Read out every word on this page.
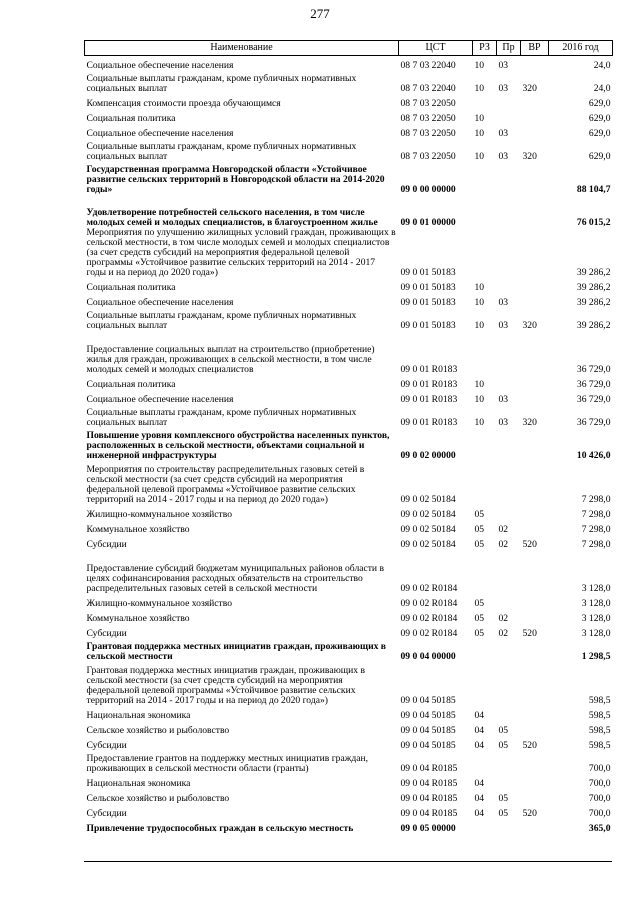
277
Наименование	ЦСТ	РЗ	Пр	ВР	2016 год
Социальное обеспечение населения	08 7 03 22040	10	03		24,0
Социальные выплаты гражданам, кроме публичных нормативных социальных выплат	08 7 03 22040	10	03	320	24,0
Компенсация стоимости проезда обучающимся	08 7 03 22050				629,0
Социальная политика	08 7 03 22050	10			629,0
Социальное обеспечение населения	08 7 03 22050	10	03		629,0
Социальные выплаты гражданам, кроме публичных нормативных социальных выплат	08 7 03 22050	10	03	320	629,0
Государственная программа Новгородской области «Устойчивое развитие сельских территорий в Новгородской области на 2014-2020 годы»	09 0 00 00000				88 104,7
Удовлетворение потребностей сельского населения, в том числе молодых семей и молодых специалистов, в благоустроенном жилье	09 0 01 00000				76 015,2
Мероприятия по улучшению жилищных условий граждан, проживающих в сельской местности, в том числе молодых семей и молодых специалистов (за счет средств субсидий на мероприятия федеральной целевой программы «Устойчивое развитие сельских территорий на 2014 - 2017 годы и на период до 2020 года»)	09 0 01 50183				39 286,2
Социальная политика	09 0 01 50183	10			39 286,2
Социальное обеспечение населения	09 0 01 50183	10	03		39 286,2
Социальные выплаты гражданам, кроме публичных нормативных социальных выплат	09 0 01 50183	10	03	320	39 286,2
Предоставление социальных выплат на строительство (приобретение) жилья для граждан, проживающих в сельской местности, в том числе молодых семей и молодых специалистов	09 0 01 R0183				36 729,0
Социальная политика	09 0 01 R0183	10			36 729,0
Социальное обеспечение населения	09 0 01 R0183	10	03		36 729,0
Социальные выплаты гражданам, кроме публичных нормативных социальных выплат	09 0 01 R0183	10	03	320	36 729,0
Повышение уровня комплексного обустройства населенных пунктов, расположенных в сельской местности, объектами социальной и инженерной инфраструктуры	09 0 02 00000				10 426,0
Мероприятия по строительству распределительных газовых сетей в сельской местности (за счет средств субсидий на мероприятия федеральной целевой программы «Устойчивое развитие сельских территорий на 2014 - 2017 годы и на период до 2020 года»)	09 0 02 50184				7 298,0
Жилищно-коммунальное хозяйство	09 0 02 50184	05			7 298,0
Коммунальное хозяйство	09 0 02 50184	05	02		7 298,0
Субсидии	09 0 02 50184	05	02	520	7 298,0
Предоставление субсидий бюджетам муниципальных районов области в целях софинансирования расходных обязательств на строительство распределительных газовых сетей в сельской местности	09 0 02 R0184				3 128,0
Жилищно-коммунальное хозяйство	09 0 02 R0184	05			3 128,0
Коммунальное хозяйство	09 0 02 R0184	05	02		3 128,0
Субсидии	09 0 02 R0184	05	02	520	3 128,0
Грантовая поддержка местных инициатив граждан, проживающих в сельской местности	09 0 04 00000				1 298,5
Грантовая поддержка местных инициатив граждан, проживающих в сельской местности (за счет средств субсидий на мероприятия федеральной целевой программы «Устойчивое развитие сельских территорий на 2014 - 2017 годы и на период до 2020 года»)	09 0 04 50185				598,5
Национальная экономика	09 0 04 50185	04			598,5
Сельское хозяйство и рыболовство	09 0 04 50185	04	05		598,5
Субсидии	09 0 04 50185	04	05	520	598,5
Предоставление грантов на поддержку местных инициатив граждан, проживающих в сельской местности области (гранты)	09 0 04 R0185				700,0
Национальная экономика	09 0 04 R0185	04			700,0
Сельское хозяйство и рыболовство	09 0 04 R0185	04	05		700,0
Субсидии	09 0 04 R0185	04	05	520	700,0
Привлечение трудоспособных граждан в сельскую местность	09 0 05 00000				365,0
